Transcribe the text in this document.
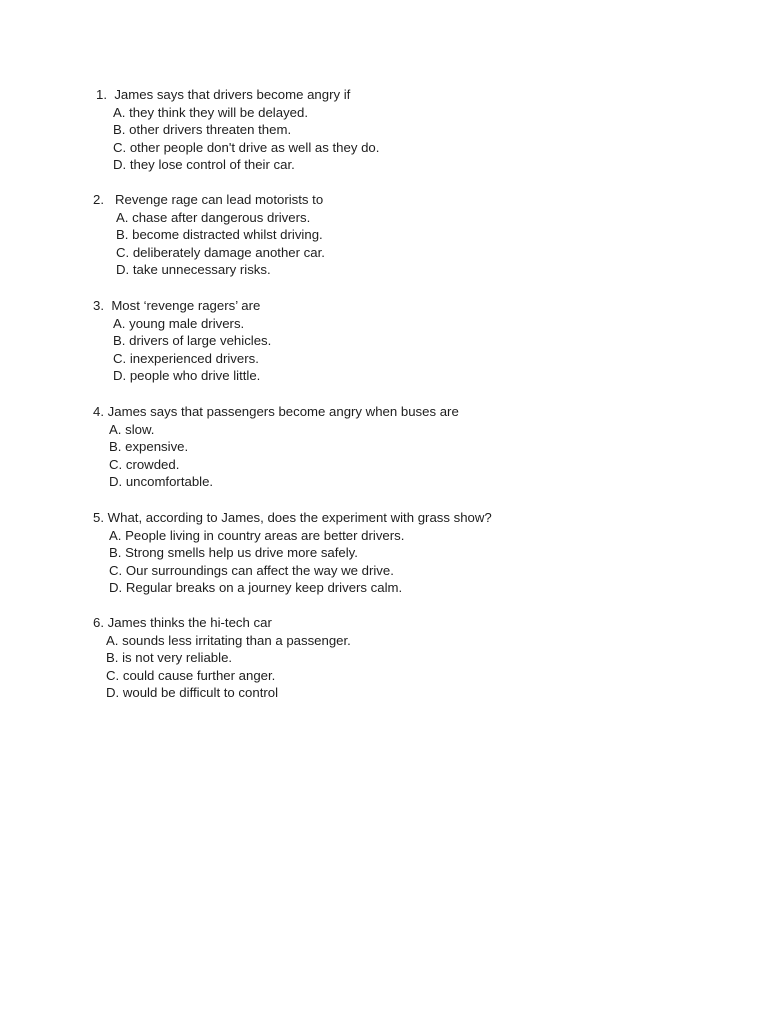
1.  James says that drivers become angry if
A. they think they will be delayed.
B. other drivers threaten them.
C. other people don't drive as well as they do.
D. they lose control of their car.
2.   Revenge rage can lead motorists to
A. chase after dangerous drivers.
B. become distracted whilst driving.
C. deliberately damage another car.
D. take unnecessary risks.
3.  Most ‘revenge ragers’ are
A. young male drivers.
B. drivers of large vehicles.
C. inexperienced drivers.
D. people who drive little.
4. James says that passengers become angry when buses are
A. slow.
B. expensive.
C. crowded.
D. uncomfortable.
5. What, according to James, does the experiment with grass show?
A. People living in country areas are better drivers.
B. Strong smells help us drive more safely.
C. Our surroundings can affect the way we drive.
D. Regular breaks on a journey keep drivers calm.
6. James thinks the hi-tech car
A. sounds less irritating than a passenger.
B. is not very reliable.
C. could cause further anger.
D. would be difficult to control
